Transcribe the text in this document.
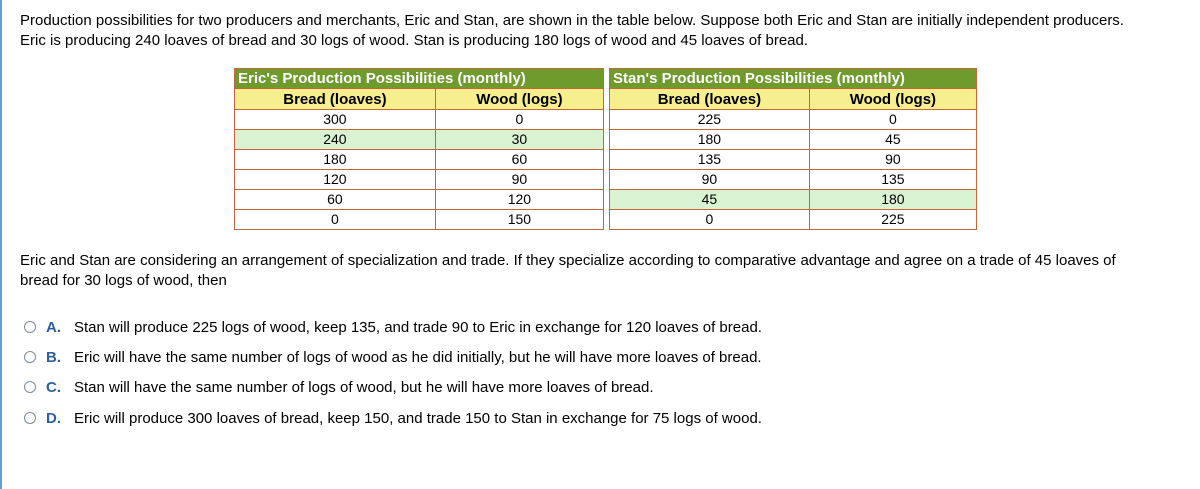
Production possibilities for two producers and merchants, Eric and Stan, are shown in the table below. Suppose both Eric and Stan are initially independent producers.

Eric is producing 240 loaves of bread and 30 logs of wood. Stan is producing 180 logs of wood and 45 loaves of bread.

Eric's Production Possibilities (monthly)	
Bread (loaves)	Wood (logs)
300	0
240	30
180	60
120	90
60	120
0	150
Stan's Production Possibilities (monthly)	
Bread (loaves)	Wood (logs)
225	0
180	45
135	90
90	135
45	180
0	225

Eric and Stan are considering an arrangement of specialization and trade. If they specialize according to comparative advantage and agree on a trade of 45 loaves of

bread for 30 logs of wood, then

A. Stan will produce 225 logs of wood, keep 135, and trade 90 to Eric in exchange for 120 loaves of bread.
B. Eric will have the same number of logs of wood as he did initially, but he will have more loaves of bread.
C. Stan will have the same number of logs of wood, but he will have more loaves of bread.
D. Eric will produce 300 loaves of bread, keep 150, and trade 150 to Stan in exchange for 75 logs of wood.
